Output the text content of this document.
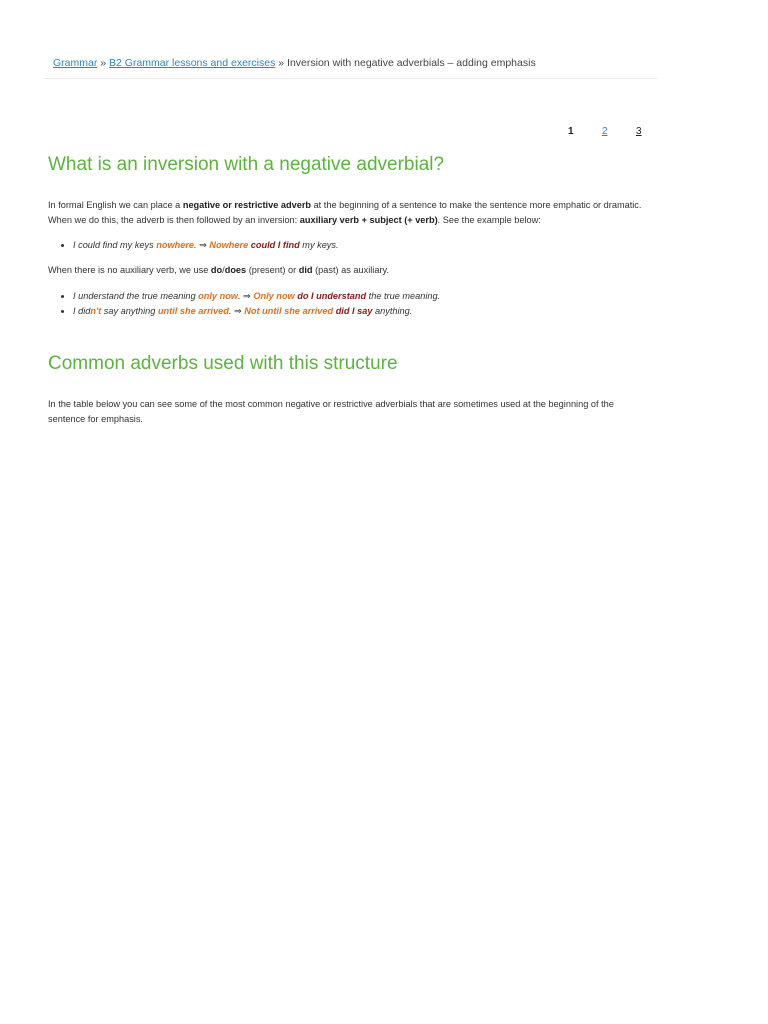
Grammar » B2 Grammar lessons and exercises » Inversion with negative adverbials – adding emphasis
1	2	3
What is an inversion with a negative adverbial?

In formal English we can place a negative or restrictive adverb at the beginning of a sentence to make the sentence more emphatic or dramatic. When we do this, the adverb is then followed by an inversion: auxiliary verb + subject (+ verb). See the example below:

• I could find my keys nowhere. ⇒ Nowhere could I find my keys.

When there is no auxiliary verb, we use do/does (present) or did (past) as auxiliary.

• I understand the true meaning only now. ⇒ Only now do I understand the true meaning.
• I didn't say anything until she arrived. ⇒ Not until she arrived did I say anything.
Common adverbs used with this structure

In the table below you can see some of the most common negative or restrictive adverbials that are sometimes used at the beginning of the sentence for emphasis.
